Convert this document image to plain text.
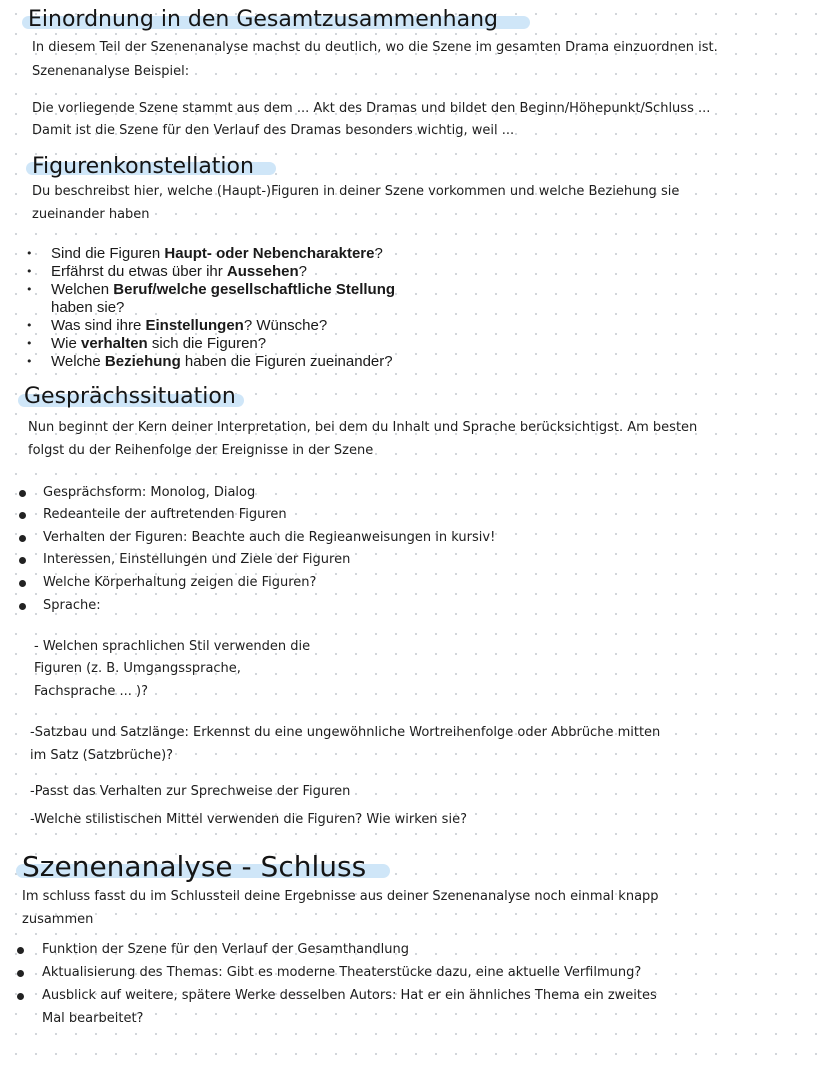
Einordnung in den Gesamtzusammenhang

In diesem Teil der Szenenanalyse machst du deutlich, wo die Szene im gesamten Drama einzuordnen ist.

Szenenanalyse Beispiel:

Die vorliegende Szene stammt aus dem ... Akt des Dramas und bildet den Beginn/Höhepunkt/Schluss ...

Damit ist die Szene für den Verlauf des Dramas besonders wichtig, weil ...

Figurenkonstellation

Du beschreibst hier, welche (Haupt-)Figuren in deiner Szene vorkommen und welche Beziehung sie

zueinander haben

• Sind die Figuren Haupt- oder Nebencharaktere?

• Erfährst du etwas über ihr Aussehen?

• Welchen Beruf/welche gesellschaftliche Stellung

haben sie?

• Was sind ihre Einstellungen? Wünsche?

• Wie verhalten sich die Figuren?

• Welche Beziehung haben die Figuren zueinander?

Gesprächssituation

Nun beginnt der Kern deiner Interpretation, bei dem du Inhalt und Sprache berücksichtigst. Am besten

folgst du der Reihenfolge der Ereignisse in der Szene

Gesprächsform: Monolog, Dialog

Redeanteile der auftretenden Figuren

Verhalten der Figuren: Beachte auch die Regieanweisungen in kursiv!

Interessen, Einstellungen und Ziele der Figuren

Welche Körperhaltung zeigen die Figuren?

Sprache:

- Welchen sprachlichen Stil verwenden die

Figuren (z. B. Umgangssprache,

Fachsprache ... )?

-Satzbau und Satzlänge: Erkennst du eine ungewöhnliche Wortreihenfolge oder Abbrüche mitten

im Satz (Satzbrüche)?

-Passt das Verhalten zur Sprechweise der Figuren

-Welche stilistischen Mittel verwenden die Figuren? Wie wirken sie?

Szenenanalyse - Schluss

Im schluss fasst du im Schlussteil deine Ergebnisse aus deiner Szenenanalyse noch einmal knapp

zusammen

Funktion der Szene für den Verlauf der Gesamthandlung

Aktualisierung des Themas: Gibt es moderne Theaterstücke dazu, eine aktuelle Verfilmung?

Ausblick auf weitere, spätere Werke desselben Autors: Hat er ein ähnliches Thema ein zweites

Mal bearbeitet?
